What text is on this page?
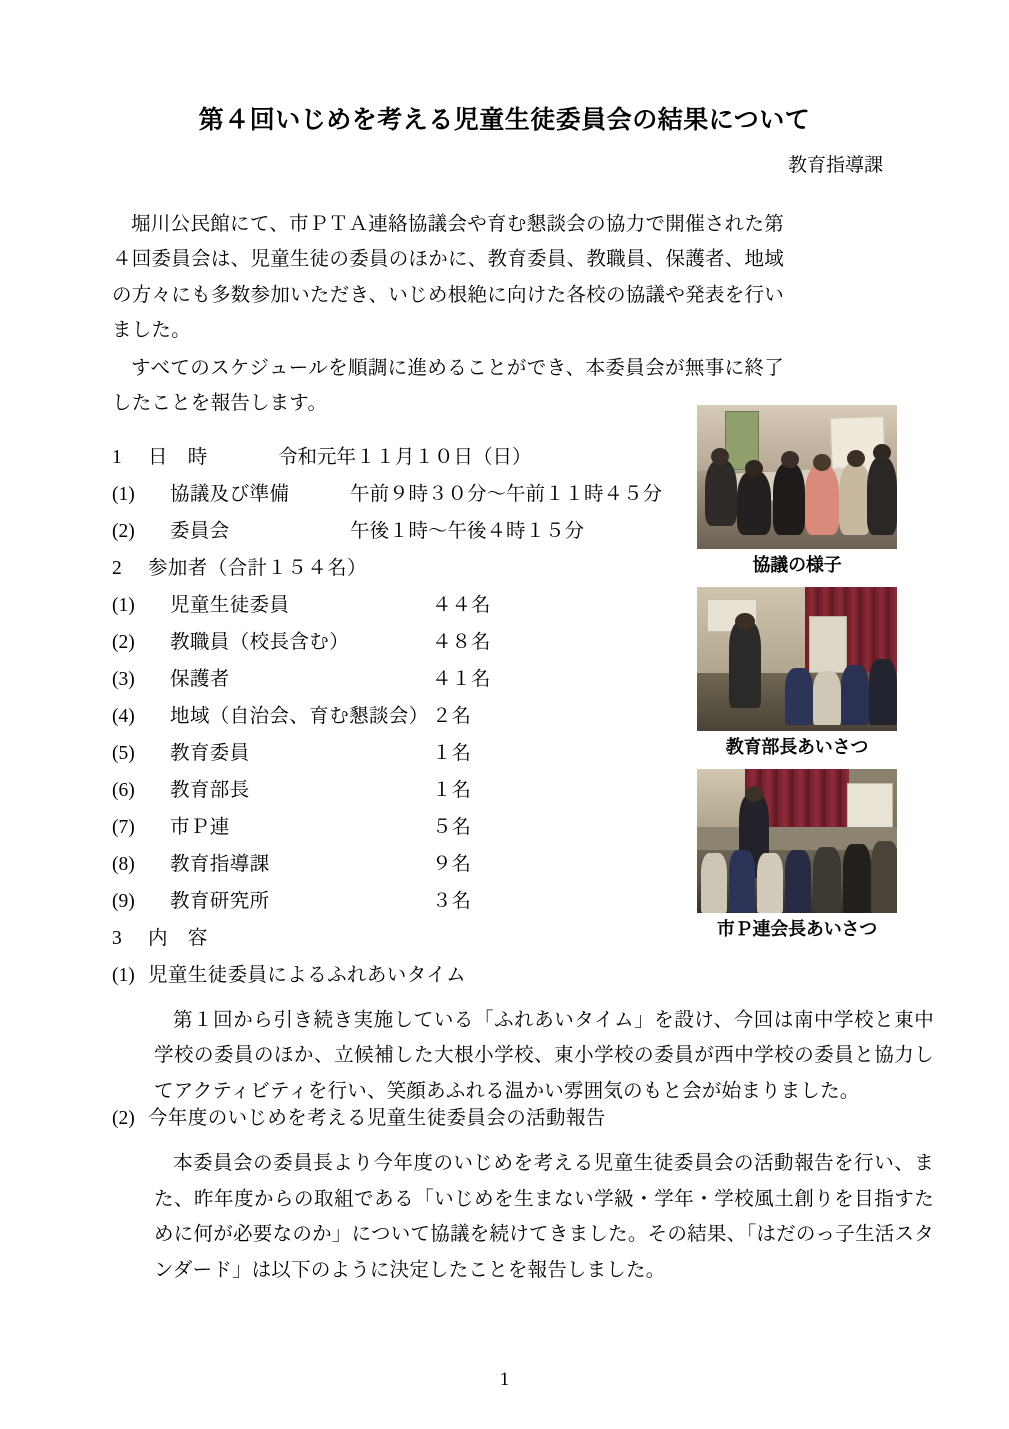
第４回いじめを考える児童生徒委員会の結果について
教育指導課

堀川公民館にて、市ＰＴＡ連絡協議会や育む懇談会の協力で開催された第４回委員会は、児童生徒の委員のほかに、教育委員、教職員、保護者、地域の方々にも多数参加いただき、いじめ根絶に向けた各校の協議や発表を行いました。

すべてのスケジュールを順調に進めることができ、本委員会が無事に終了したことを報告します。

1	日　時	令和元年１１月１０日（日）
(1)	協議及び準備	午前９時３０分～午前１１時４５分
(2)	委員会	午後１時～午後４時１５分
2	参加者（合計１５４名）
(1)	児童生徒委員	４４名
(2)	教職員（校長含む）	４８名
(3)	保護者	４１名
(4)	地域（自治会、育む懇談会） ２名
(5)	教育委員	１名
(6)	教育部長	１名
(7)	市Ｐ連	５名
(8)	教育指導課	９名
(9)	教育研究所	３名
3	内　容
(1) 児童生徒委員によるふれあいタイム

第１回から引き続き実施している「ふれあいタイム」を設け、今回は南中学校と東中学校の委員のほか、立候補した大根小学校、東小学校の委員が西中学校の委員と協力してアクティビティを行い、笑顔あふれる温かい雰囲気のもと会が始まりました。

(2) 今年度のいじめを考える児童生徒委員会の活動報告

本委員会の委員長より今年度のいじめを考える児童生徒委員会の活動報告を行い、また、昨年度からの取組である「いじめを生まない学級・学年・学校風土創りを目指すために何が必要なのか」について協議を続けてきました。その結果、「はだのっ子生活スタンダード」は以下のように決定したことを報告しました。

協議の様子
教育部長あいさつ
市Ｐ連会長あいさつ
1
